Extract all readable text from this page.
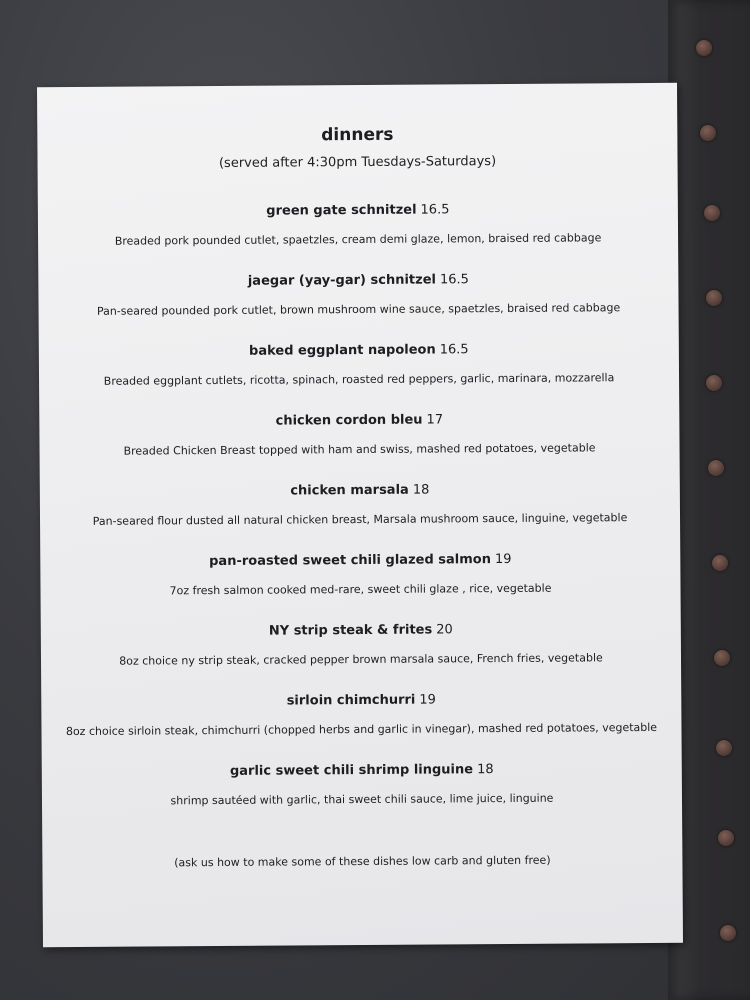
dinners
(served after 4:30pm Tuesdays-Saturdays)
green gate schnitzel 16.5
Breaded pork pounded cutlet, spaetzles, cream demi glaze, lemon, braised red cabbage
jaegar (yay-gar) schnitzel 16.5
Pan-seared pounded pork cutlet, brown mushroom wine sauce, spaetzles, braised red cabbage
baked eggplant napoleon 16.5
Breaded eggplant cutlets, ricotta, spinach, roasted red peppers, garlic, marinara, mozzarella
chicken cordon bleu 17
Breaded Chicken Breast topped with ham and swiss, mashed red potatoes, vegetable
chicken marsala 18
Pan-seared flour dusted all natural chicken breast, Marsala mushroom sauce, linguine, vegetable
pan-roasted sweet chili glazed salmon 19
7oz fresh salmon cooked med-rare, sweet chili glaze , rice, vegetable
NY strip steak & frites 20
8oz choice ny strip steak, cracked pepper brown marsala sauce, French fries, vegetable
sirloin chimchurri 19
8oz choice sirloin steak, chimchurri (chopped herbs and garlic in vinegar), mashed red potatoes, vegetable
garlic sweet chili shrimp linguine 18
shrimp sautéed with garlic, thai sweet chili sauce, lime juice, linguine
(ask us how to make some of these dishes low carb and gluten free)
